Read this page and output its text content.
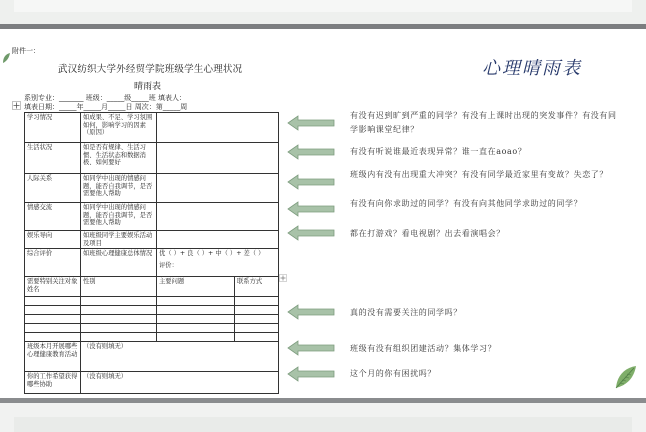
附件一：
武汉纺织大学外经贸学院班级学生心理状况
晴雨表
系别专业：_______ 班级：_____级_____班 填表人：
填表日期：_____年_____月_____日 周次：第_____周
学习情况	如成果、不足、学习氛围如何，影响学习的因素（原因）		
生活状况	如是否有规律、生活习惯、生活状态和数据消极、如何要好		
人际关系	如同学中出现的情感问题，能否自我调节，是否需要他人帮助		
情感交流	如同学中出现的情感问题，能否自我调节，是否需要他人帮助		
娱乐导向	如班级同学主要娱乐活动及项目		
综合评价	如班级心理健康总体情况	优（ ）+ 良（ ）+ 中（ ）+ 差（ ）
评价：	

需要特别关注对象姓名	性别	主要问题	联系方式

班级本月开展哪些心理健康教育活动	（没有则填无）		
你的工作希望获得哪些协助	（没有则填无）		
心理晴雨表
有没有迟到旷到严重的同学？有没有上课时出现的突发事件？有没有同学影响课堂纪律？
有没有听说谁最近表现异常？谁一直在aoao？
班级内有没有出现重大冲突？有没有同学最近家里有变故？失恋了？
有没有向你求助过的同学？有没有向其他同学求助过的同学？
都在打游戏？看电视剧？出去看演唱会？
真的没有需要关注的同学吗？
班级有没有组织团建活动？集体学习？
这个月的你有困扰吗？
